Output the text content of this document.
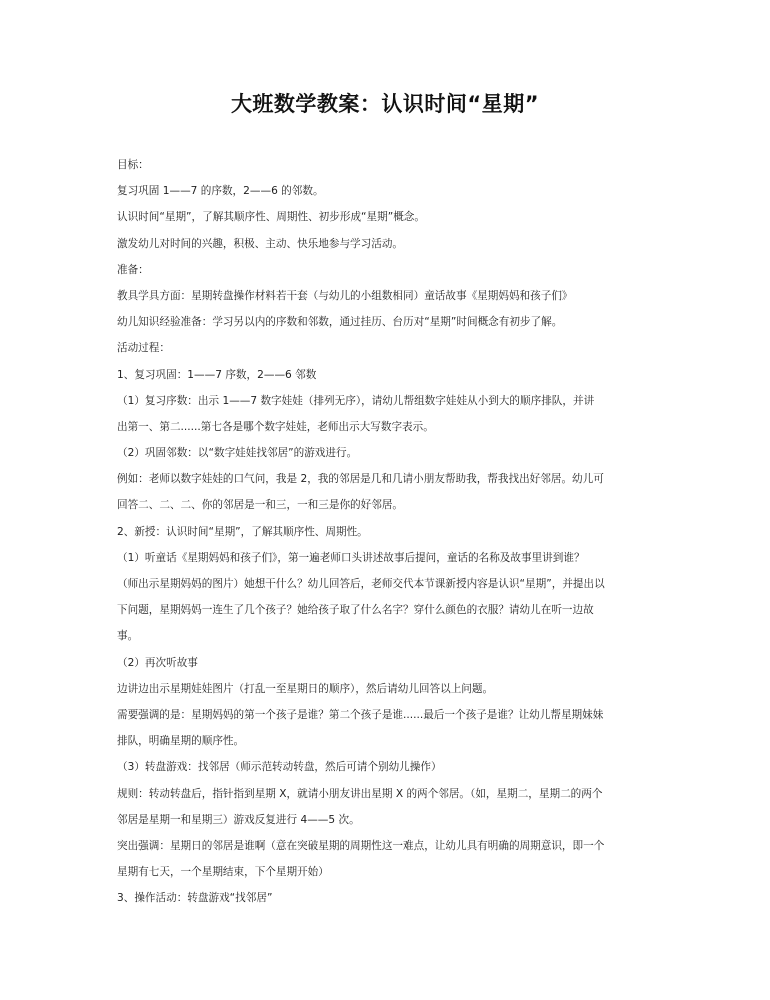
大班数学教案：认识时间“星期”
目标：
复习巩固 1——7 的序数，2——6 的邻数。
认识时间“星期”，了解其顺序性、周期性、初步形成“星期”概念。
激发幼儿对时间的兴趣，积极、主动、快乐地参与学习活动。
准备：
教具学具方面：星期转盘操作材料若干套（与幼儿的小组数相同）童话故事《星期妈妈和孩子们》
幼儿知识经验准备：学习另以内的序数和邻数，通过挂历、台历对“星期”时间概念有初步了解。
活动过程：
1、复习巩固：1——7 序数，2——6 邻数
（1）复习序数：出示 1——7 数字娃娃（排列无序），请幼儿帮组数字娃娃从小到大的顺序排队，并讲
出第一、第二......第七各是哪个数字娃娃，老师出示大写数字表示。
（2）巩固邻数：以“数字娃娃找邻居”的游戏进行。
例如：老师以数字娃娃的口气问，我是 2，我的邻居是几和几请小朋友帮助我，帮我找出好邻居。幼儿可
回答二、二、二、你的邻居是一和三，一和三是你的好邻居。
2、新授：认识时间“星期”，了解其顺序性、周期性。
（1）听童话《星期妈妈和孩子们》，第一遍老师口头讲述故事后提问，童话的名称及故事里讲到谁？
（师出示星期妈妈的图片）她想干什么？幼儿回答后，老师交代本节课新授内容是认识“星期”，并提出以
下问题，星期妈妈一连生了几个孩子？她给孩子取了什么名字？穿什么颜色的衣服？请幼儿在听一边故
事。
（2）再次听故事
边讲边出示星期娃娃图片（打乱一至星期日的顺序），然后请幼儿回答以上问题。
需要强调的是：星期妈妈的第一个孩子是谁？第二个孩子是谁......最后一个孩子是谁？让幼儿帮星期妹妹
排队，明确星期的顺序性。
（3）转盘游戏：找邻居（师示范转动转盘，然后可请个别幼儿操作）
规则：转动转盘后，指针指到星期 X，就请小朋友讲出星期 X 的两个邻居。（如，星期二，星期二的两个
邻居是星期一和星期三）游戏反复进行 4——5 次。
突出强调：星期日的邻居是谁啊（意在突破星期的周期性这一难点，让幼儿具有明确的周期意识，即一个
星期有七天，一个星期结束，下个星期开始）
3、操作活动：转盘游戏“找邻居”
